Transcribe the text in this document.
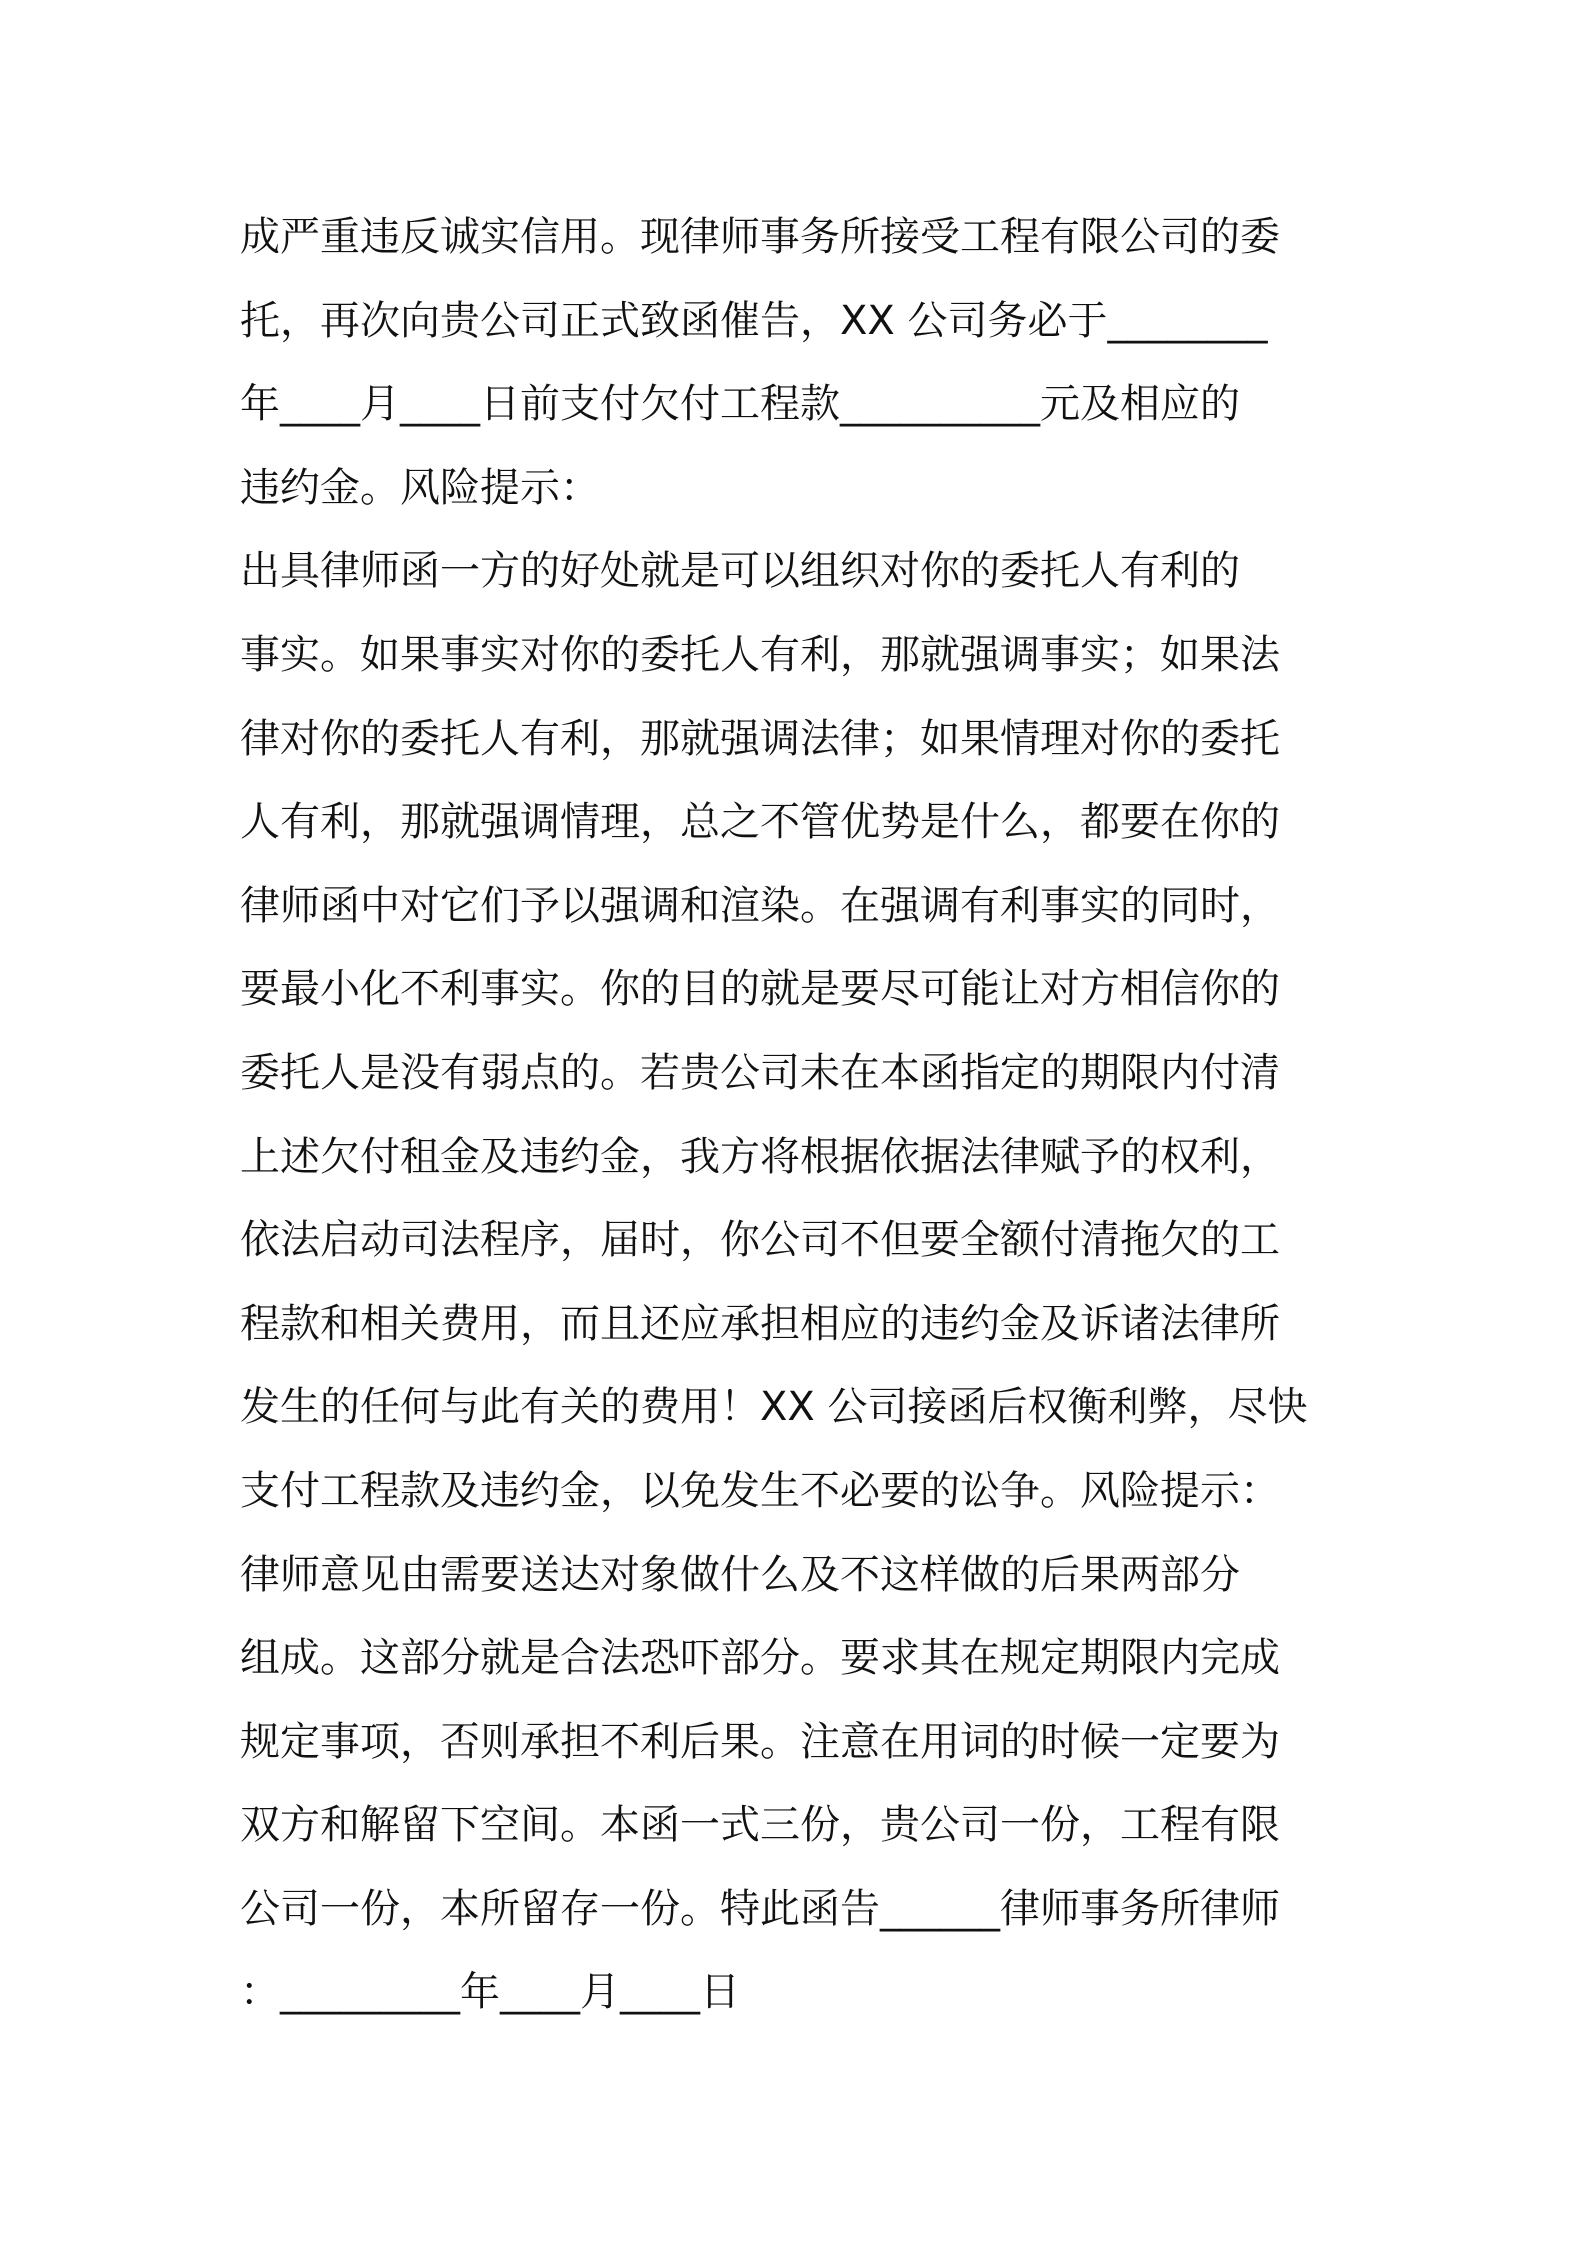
成严重违反诚实信用。现律师事务所接受工程有限公司的委
托，再次向贵公司正式致函催告，XX 公司务必于________
年____月____日前支付欠付工程款__________元及相应的
违约金。风险提示：
出具律师函一方的好处就是可以组织对你的委托人有利的
事实。如果事实对你的委托人有利，那就强调事实；如果法
律对你的委托人有利，那就强调法律；如果情理对你的委托
人有利，那就强调情理，总之不管优势是什么，都要在你的
律师函中对它们予以强调和渲染。在强调有利事实的同时，
要最小化不利事实。你的目的就是要尽可能让对方相信你的
委托人是没有弱点的。若贵公司未在本函指定的期限内付清
上述欠付租金及违约金，我方将根据依据法律赋予的权利，
依法启动司法程序，届时，你公司不但要全额付清拖欠的工
程款和相关费用，而且还应承担相应的违约金及诉诸法律所
发生的任何与此有关的费用！XX 公司接函后权衡利弊，尽快
支付工程款及违约金，以免发生不必要的讼争。风险提示：
律师意见由需要送达对象做什么及不这样做的后果两部分
组成。这部分就是合法恐吓部分。要求其在规定期限内完成
规定事项，否则承担不利后果。注意在用词的时候一定要为
双方和解留下空间。本函一式三份，贵公司一份，工程有限
公司一份，本所留存一份。特此函告______律师事务所律师
：_________年____月____日
